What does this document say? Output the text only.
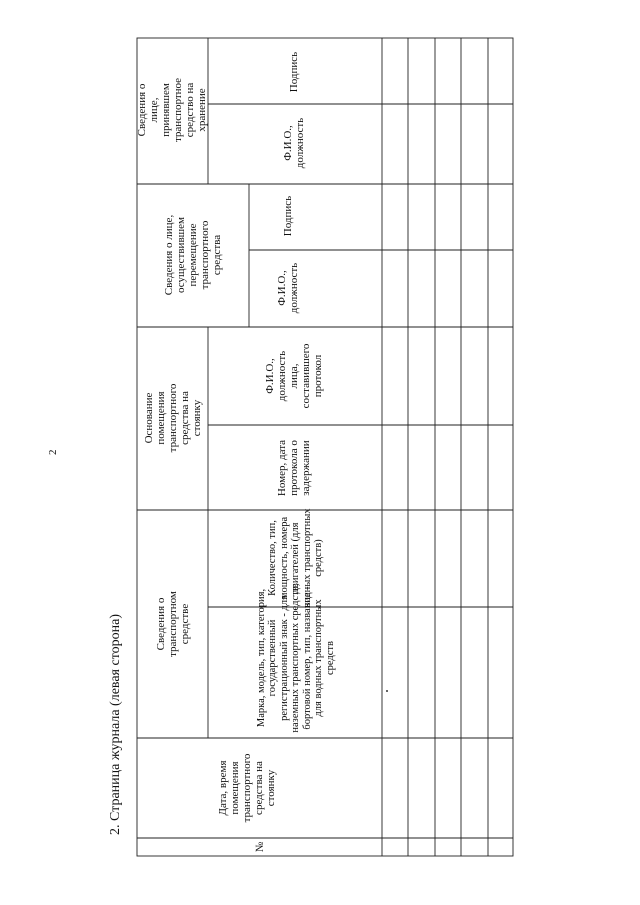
2
2. Страница журнала (левая сторона)
№
Дата, время помещения транспортного средства на стоянку
Сведения о транспортном средстве	Марка, модель, тип, категория, государственный регистрационный знак - для наземных транспортных средств; бортовой номер, тип, название - для водных транспортных средств
Количество, тип, мощность, номера двигателей (для водных транспортных средств)
Основание помещения транспортного средства на стоянку
Номер, дата протокола о задержании
Ф.И.О., должность лица, составившего протокол
Сведения о лице, осуществившем перемещение транспортного средства
Ф.И.О., должность
Подпись
Сведения о лице, принявшем транспортное средство на хранение
Ф.И.О., должность
Подпись
